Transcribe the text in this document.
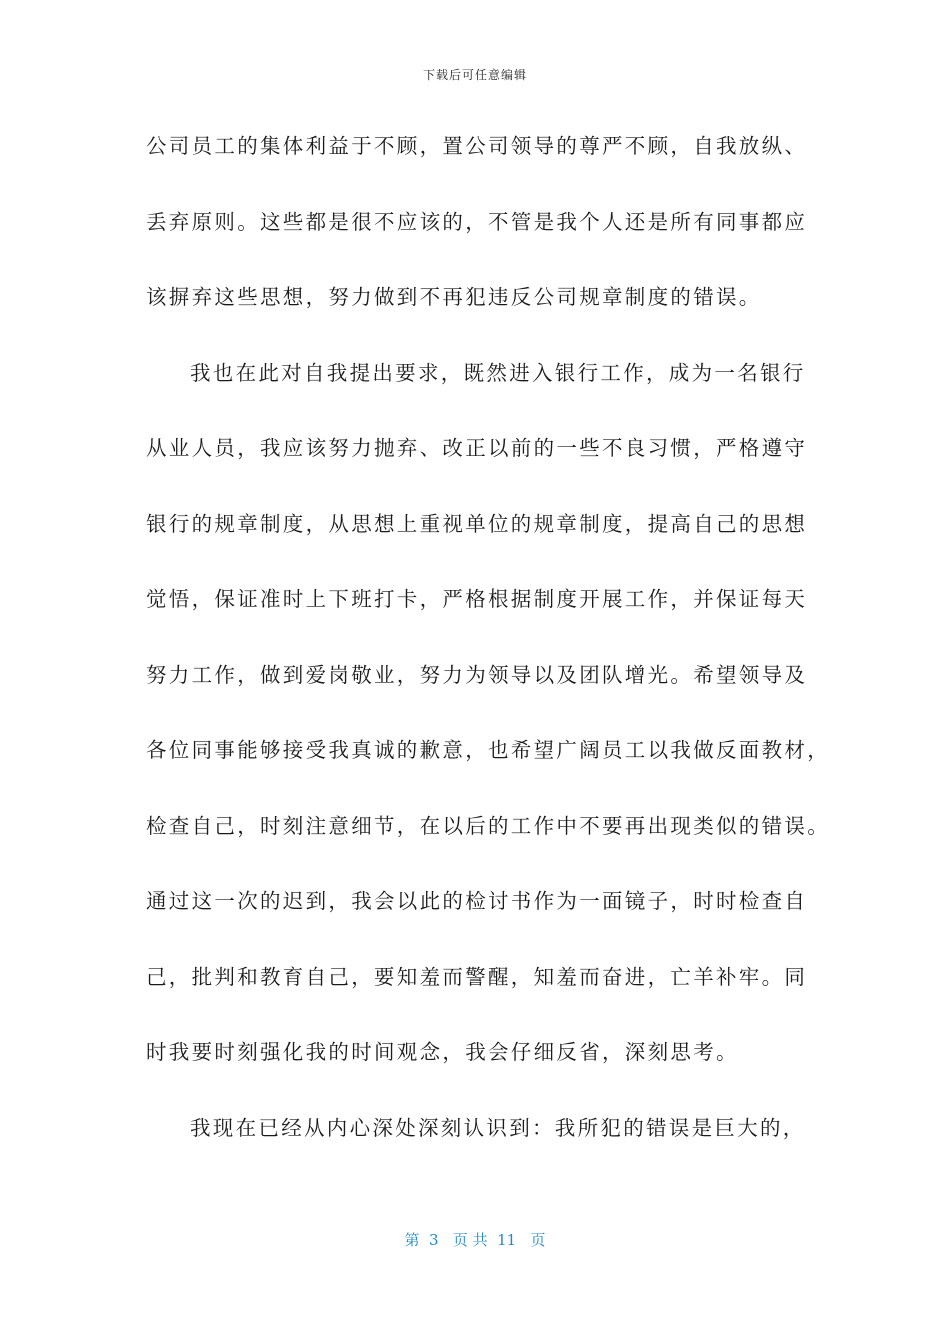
下载后可任意编辑
公司员工的集体利益于不顾，置公司领导的尊严不顾，自我放纵、
丢弃原则。这些都是很不应该的，不管是我个人还是所有同事都应
该摒弃这些思想，努力做到不再犯违反公司规章制度的错误。
我也在此对自我提出要求，既然进入银行工作，成为一名银行
从业人员，我应该努力抛弃、改正以前的一些不良习惯，严格遵守
银行的规章制度，从思想上重视单位的规章制度，提高自己的思想
觉悟，保证准时上下班打卡，严格根据制度开展工作，并保证每天
努力工作，做到爱岗敬业，努力为领导以及团队增光。希望领导及
各位同事能够接受我真诚的歉意，也希望广阔员工以我做反面教材，
检查自己，时刻注意细节，在以后的工作中不要再出现类似的错误。
通过这一次的迟到，我会以此的检讨书作为一面镜子，时时检查自
己，批判和教育自己，要知羞而警醒，知羞而奋进，亡羊补牢。同
时我要时刻强化我的时间观念，我会仔细反省，深刻思考。
我现在已经从内心深处深刻认识到：我所犯的错误是巨大的，
第  3   页 共  11   页
